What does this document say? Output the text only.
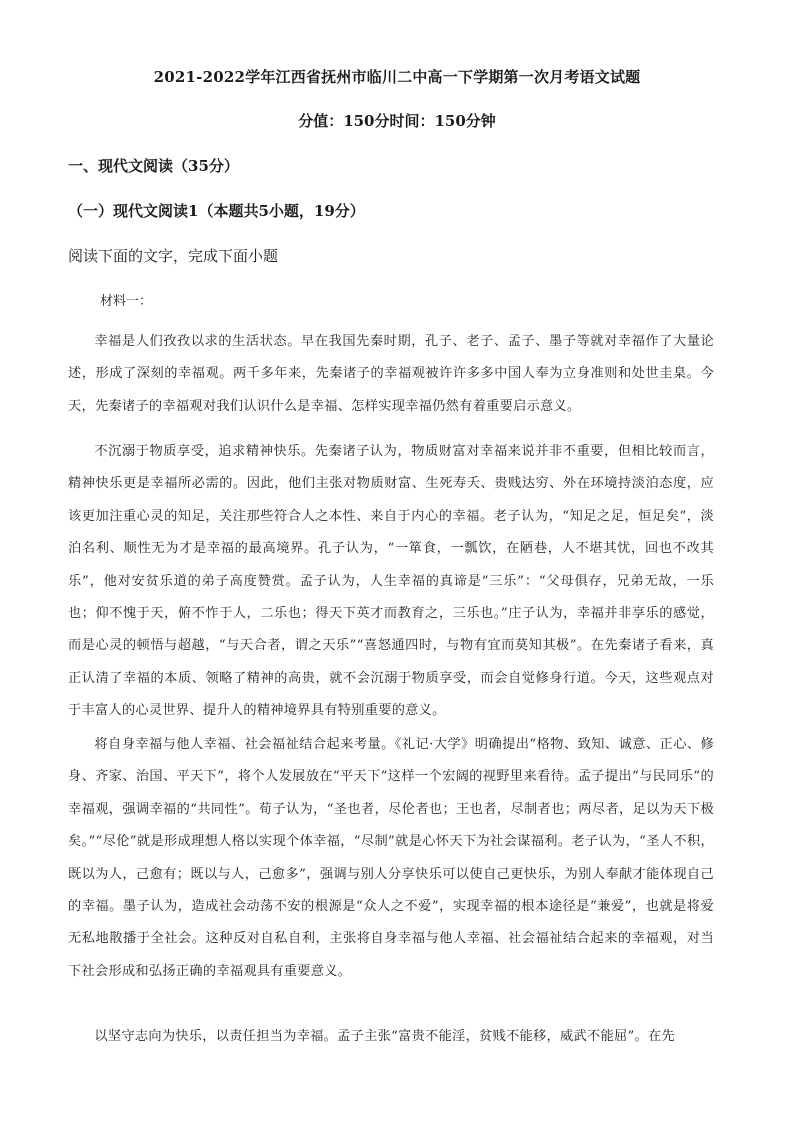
2021-2022学年江西省抚州市临川二中高一下学期第一次月考语文试题
分值：150分时间：150分钟
一、现代文阅读（35分）
（一）现代文阅读1（本题共5小题，19分）
阅读下面的文字，完成下面小题
材料一：

幸福是人们孜孜以求的生活状态。早在我国先秦时期，孔子、老子、孟子、墨子等就对幸福作了大量论述，形成了深刻的幸福观。两千多年来，先秦诸子的幸福观被许许多多中国人奉为立身准则和处世圭臬。今天，先秦诸子的幸福观对我们认识什么是幸福、怎样实现幸福仍然有着重要启示意义。

不沉溺于物质享受，追求精神快乐。先秦诸子认为，物质财富对幸福来说并非不重要，但相比较而言，精神快乐更是幸福所必需的。因此，他们主张对物质财富、生死寿夭、贵贱达穷、外在环境持淡泊态度，应该更加注重心灵的知足，关注那些符合人之本性、来自于内心的幸福。老子认为，“知足之足，恒足矣”，淡泊名利、顺性无为才是幸福的最高境界。孔子认为，“一箪食，一瓢饮，在陋巷，人不堪其忧，回也不改其乐”，他对安贫乐道的弟子高度赞赏。孟子认为，人生幸福的真谛是“三乐”：“父母俱存，兄弟无故，一乐也；仰不愧于天，俯不怍于人，二乐也；得天下英才而教育之，三乐也。”庄子认为，幸福并非享乐的感觉，而是心灵的顿悟与超越，“与天合者，谓之天乐”“喜怒通四时，与物有宜而莫知其极”。在先秦诸子看来，真正认清了幸福的本质、领略了精神的高贵，就不会沉溺于物质享受，而会自觉修身行道。今天，这些观点对于丰富人的心灵世界、提升人的精神境界具有特别重要的意义。

将自身幸福与他人幸福、社会福祉结合起来考量。《礼记·大学》明确提出“格物、致知、诚意、正心、修身、齐家、治国、平天下”，将个人发展放在“平天下”这样一个宏阔的视野里来看待。孟子提出“与民同乐”的幸福观，强调幸福的“共同性”。荀子认为，“圣也者，尽伦者也；王也者，尽制者也；两尽者，足以为天下极矣。”“尽伦”就是形成理想人格以实现个体幸福，“尽制”就是心怀天下为社会谋福利。老子认为，“圣人不积，既以为人，己愈有；既以与人，己愈多”，强调与别人分享快乐可以使自己更快乐，为别人奉献才能体现自己的幸福。墨子认为，造成社会动荡不安的根源是“众人之不爱”，实现幸福的根本途径是“兼爱”，也就是将爱无私地散播于全社会。这种反对自私自利，主张将自身幸福与他人幸福、社会福祉结合起来的幸福观，对当下社会形成和弘扬正确的幸福观具有重要意义。

以坚守志向为快乐，以责任担当为幸福。孟子主张“富贵不能淫，贫贱不能移，威武不能屈”。在先
